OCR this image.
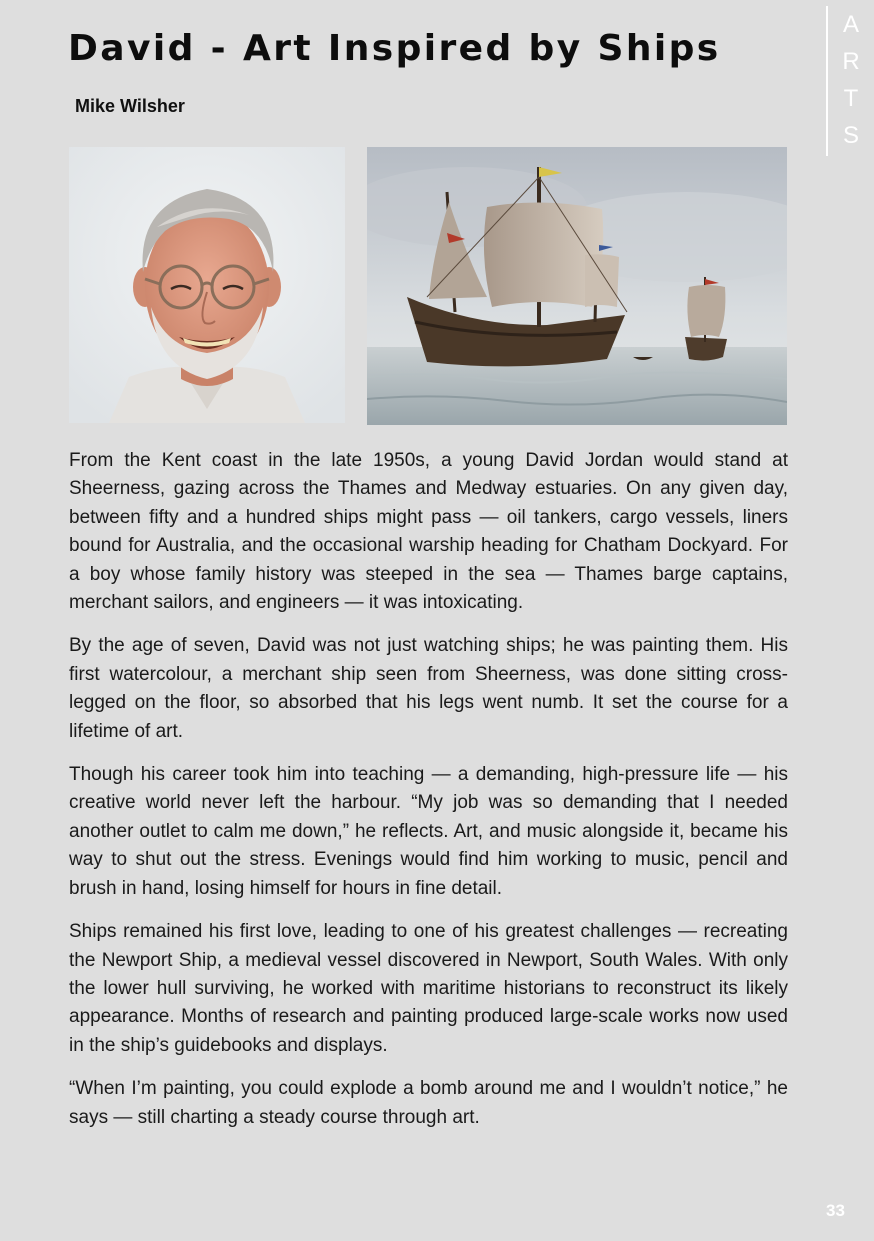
David - Art Inspired by Ships
Mike Wilsher
A
R
T
S

From the Kent coast in the late 1950s, a young David Jordan would stand at Sheerness, gazing across the Thames and Medway estuaries. On any given day, between fifty and a hundred ships might pass — oil tankers, cargo vessels, liners bound for Australia, and the occasional warship heading for Chatham Dockyard. For a boy whose family history was steeped in the sea — Thames barge captains, merchant sailors, and engineers — it was intoxicating.

By the age of seven, David was not just watching ships; he was painting them. His first watercolour, a merchant ship seen from Sheerness, was done sitting cross-legged on the floor, so absorbed that his legs went numb. It set the course for a lifetime of art.

Though his career took him into teaching — a demanding, high-pressure life — his creative world never left the harbour. “My job was so demanding that I needed another outlet to calm me down,” he reflects. Art, and music alongside it, became his way to shut out the stress. Evenings would find him working to music, pencil and brush in hand, losing himself for hours in fine detail.

Ships remained his first love, leading to one of his greatest challenges — recreating the Newport Ship, a medieval vessel discovered in Newport, South Wales. With only the lower hull surviving, he worked with maritime historians to reconstruct its likely appearance. Months of research and painting produced large-scale works now used in the ship’s guidebooks and displays.

“When I’m painting, you could explode a bomb around me and I wouldn’t notice,” he says — still charting a steady course through art.

33
